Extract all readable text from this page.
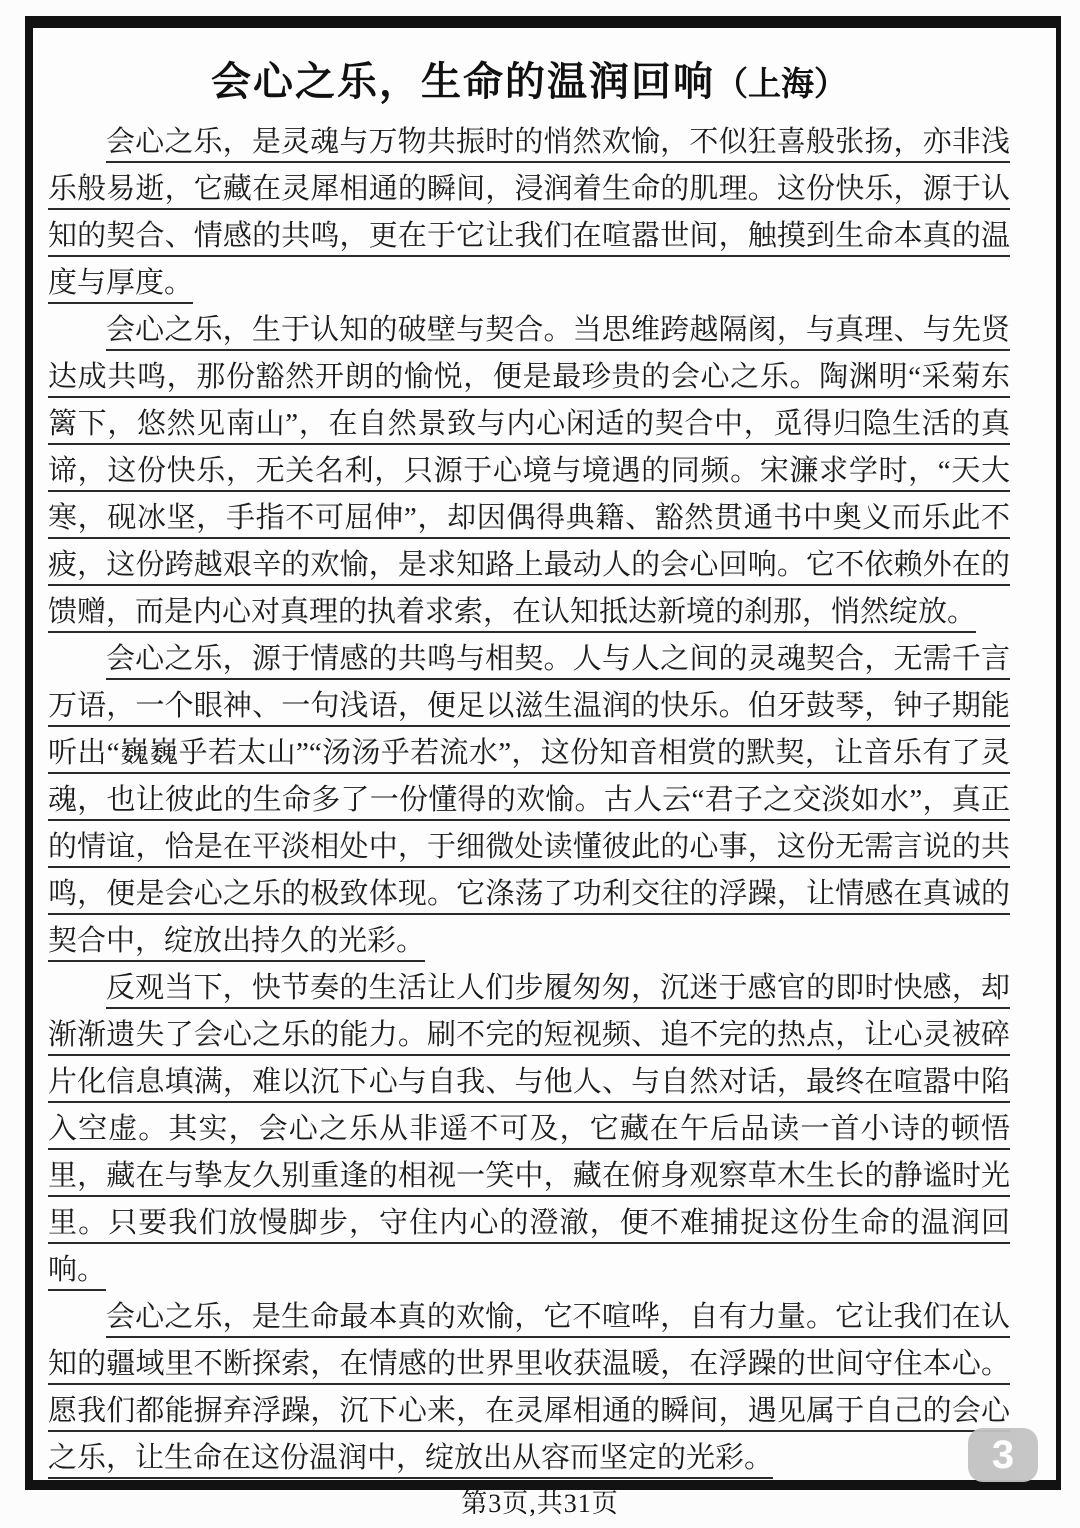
会心之乐，生命的温润回响（上海）

会心之乐，是灵魂与万物共振时的悄然欢愉，不似狂喜般张扬，亦非浅乐般易逝，它藏在灵犀相通的瞬间，浸润着生命的肌理。这份快乐，源于认知的契合、情感的共鸣，更在于它让我们在喧嚣世间，触摸到生命本真的温度与厚度。

会心之乐，生于认知的破壁与契合。当思维跨越隔阂，与真理、与先贤达成共鸣，那份豁然开朗的愉悦，便是最珍贵的会心之乐。陶渊明“采菊东篱下，悠然见南山”，在自然景致与内心闲适的契合中，觅得归隐生活的真谛，这份快乐，无关名利，只源于心境与境遇的同频。宋濂求学时，“天大寒，砚冰坚，手指不可屈伸”，却因偶得典籍、豁然贯通书中奥义而乐此不疲，这份跨越艰辛的欢愉，是求知路上最动人的会心回响。它不依赖外在的馈赠，而是内心对真理的执着求索，在认知抵达新境的刹那，悄然绽放。

会心之乐，源于情感的共鸣与相契。人与人之间的灵魂契合，无需千言万语，一个眼神、一句浅语，便足以滋生温润的快乐。伯牙鼓琴，钟子期能听出“巍巍乎若太山”“汤汤乎若流水”，这份知音相赏的默契，让音乐有了灵魂，也让彼此的生命多了一份懂得的欢愉。古人云“君子之交淡如水”，真正的情谊，恰是在平淡相处中，于细微处读懂彼此的心事，这份无需言说的共鸣，便是会心之乐的极致体现。它涤荡了功利交往的浮躁，让情感在真诚的契合中，绽放出持久的光彩。

反观当下，快节奏的生活让人们步履匆匆，沉迷于感官的即时快感，却渐渐遗失了会心之乐的能力。刷不完的短视频、追不完的热点，让心灵被碎片化信息填满，难以沉下心与自我、与他人、与自然对话，最终在喧嚣中陷入空虚。其实，会心之乐从非遥不可及，它藏在午后品读一首小诗的顿悟里，藏在与挚友久别重逢的相视一笑中，藏在俯身观察草木生长的静谧时光里。只要我们放慢脚步，守住内心的澄澈，便不难捕捉这份生命的温润回响。

会心之乐，是生命最本真的欢愉，它不喧哗，自有力量。它让我们在认知的疆域里不断探索，在情感的世界里收获温暖，在浮躁的世间守住本心。愿我们都能摒弃浮躁，沉下心来，在灵犀相通的瞬间，遇见属于自己的会心之乐，让生命在这份温润中，绽放出从容而坚定的光彩。	3
第3页,共31页
